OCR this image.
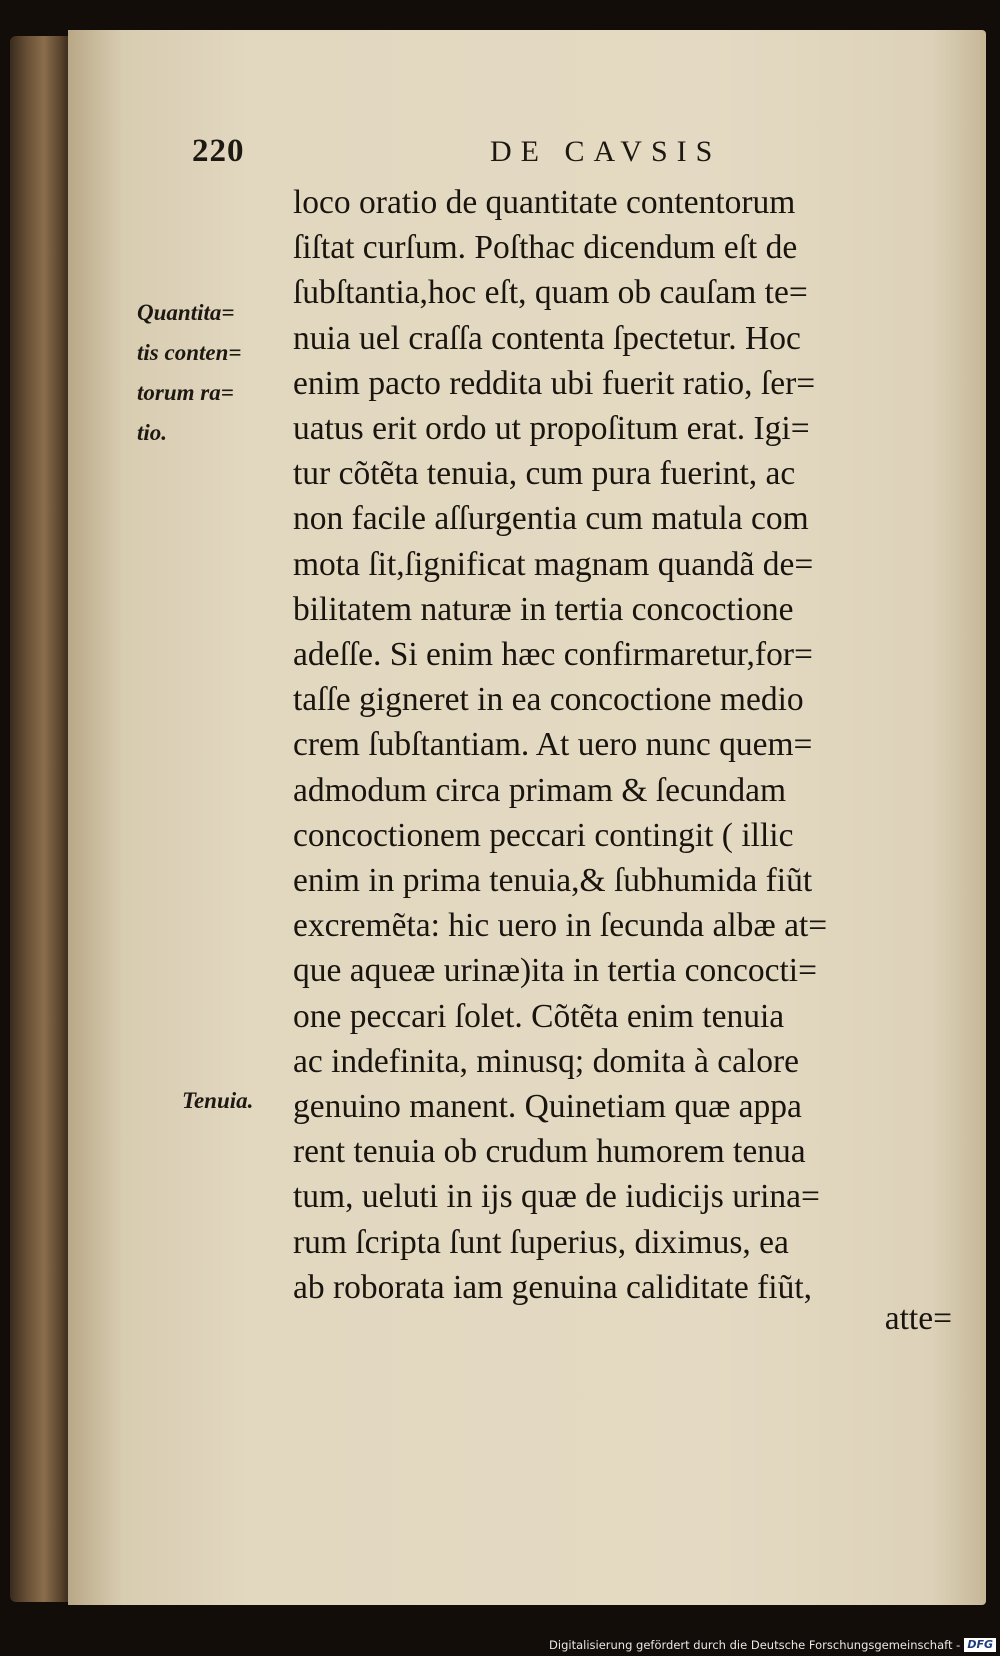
220	DE CAVSIS
Quantita=
tis conten=
torum ra=
tio.
Tenuia.
loco oratio de quantitate contentorum
ſiſtat curſum. Poſthac dicendum eſt de
ſubſtantia,hoc eſt, quam ob cauſam te=
nuia uel craſſa contenta ſpectetur. Hoc
enim pacto reddita ubi fuerit ratio, ſer=
uatus erit ordo ut propoſitum erat. Igi=
tur cõtẽta tenuia, cum pura fuerint, ac
non facile aſſurgentia cum matula com
mota ſit,ſignificat magnam quandã de=
bilitatem naturæ in tertia concoctione
adeſſe. Si enim hæc confirmaretur,for=
taſſe gigneret in ea concoctione medio
crem ſubſtantiam. At uero nunc quem=
admodum circa primam & ſecundam
concoctionem peccari contingit ( illic
enim in prima tenuia,& ſubhumida fiũt
excremẽta: hic uero in ſecunda albæ at=
que aqueæ urinæ)ita in tertia concocti=
one peccari ſolet. Cõtẽta enim tenuia
ac indefinita, minusq; domita à calore
genuino manent. Quinetiam quæ appa
rent tenuia ob crudum humorem tenua
tum, ueluti in ijs quæ de iudicijs urina=
rum ſcripta ſunt ſuperius, diximus, ea
ab roborata iam genuina caliditate fiũt,
atte=
Digitalisierung gefördert durch die Deutsche Forschungsgemeinschaft - DFG
